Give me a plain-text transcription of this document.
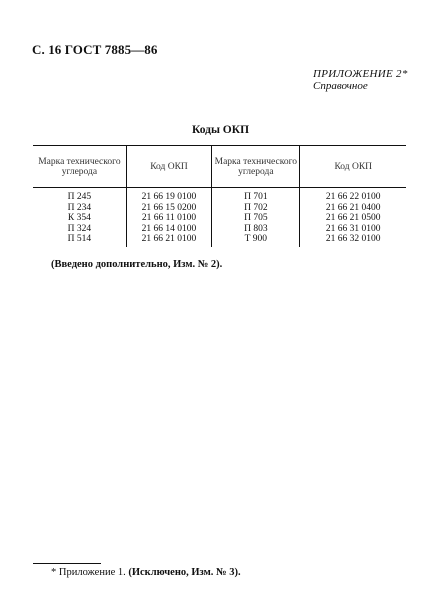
С. 16 ГОСТ 7885—86
ПРИЛОЖЕНИЕ 2*
Справочное
Коды ОКП
Марка технического углерода	Код ОКП	Марка технического углерода	Код ОКП
П 245	21 66 19 0100	П 701	21 66 22 0100
П 234	21 66 15 0200	П 702	21 66 21 0400
К 354	21 66 11 0100	П 705	21 66 21 0500
П 324	21 66 14 0100	П 803	21 66 31 0100
П 514	21 66 21 0100	Т 900	21 66 32 0100
(Введено дополнительно, Изм. № 2).
* Приложение 1. (Исключено, Изм. № 3).
